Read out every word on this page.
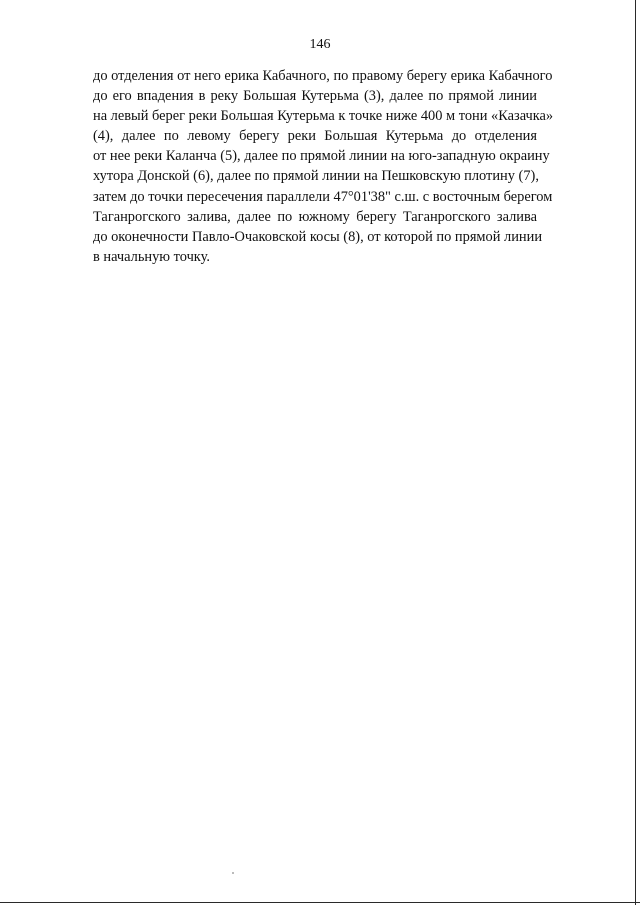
146

до отделения от него ерика Кабачного, по правому берегу ерика Кабачного
до его впадения в реку Большая Кутерьма (3), далее по прямой линии
на левый берег реки Большая Кутерьма к точке ниже 400 м тони «Казачка»
(4), далее по левому берегу реки Большая Кутерьма до отделения
от нее реки Каланча (5), далее по прямой линии на юго-западную окраину
хутора Донской (6), далее по прямой линии на Пешковскую плотину (7),
затем до точки пересечения параллели 47°01'38" с.ш. с восточным берегом
Таганрогского залива, далее по южному берегу Таганрогского залива
до оконечности Павло-Очаковской косы (8), от которой по прямой линии
в начальную точку.
